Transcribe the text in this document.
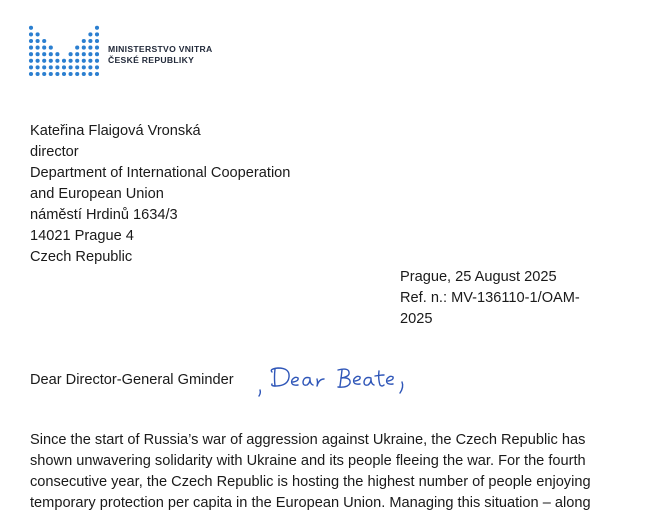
MINISTERSTVO VNITRA
ČESKÉ REPUBLIKY
Kateřina Flaigová Vronská
director
Department of International Cooperation
and European Union
náměstí Hrdinů 1634/3
14021 Prague 4
Czech Republic
Prague, 25 August 2025
Ref. n.: MV-136110-1/OAM-
2025
Dear Director-General Gminder
Since the start of Russia’s war of aggression against Ukraine, the Czech Republic has
shown unwavering solidarity with Ukraine and its people fleeing the war. For the fourth
consecutive year, the Czech Republic is hosting the highest number of people enjoying
temporary protection per capita in the European Union. Managing this situation – along
